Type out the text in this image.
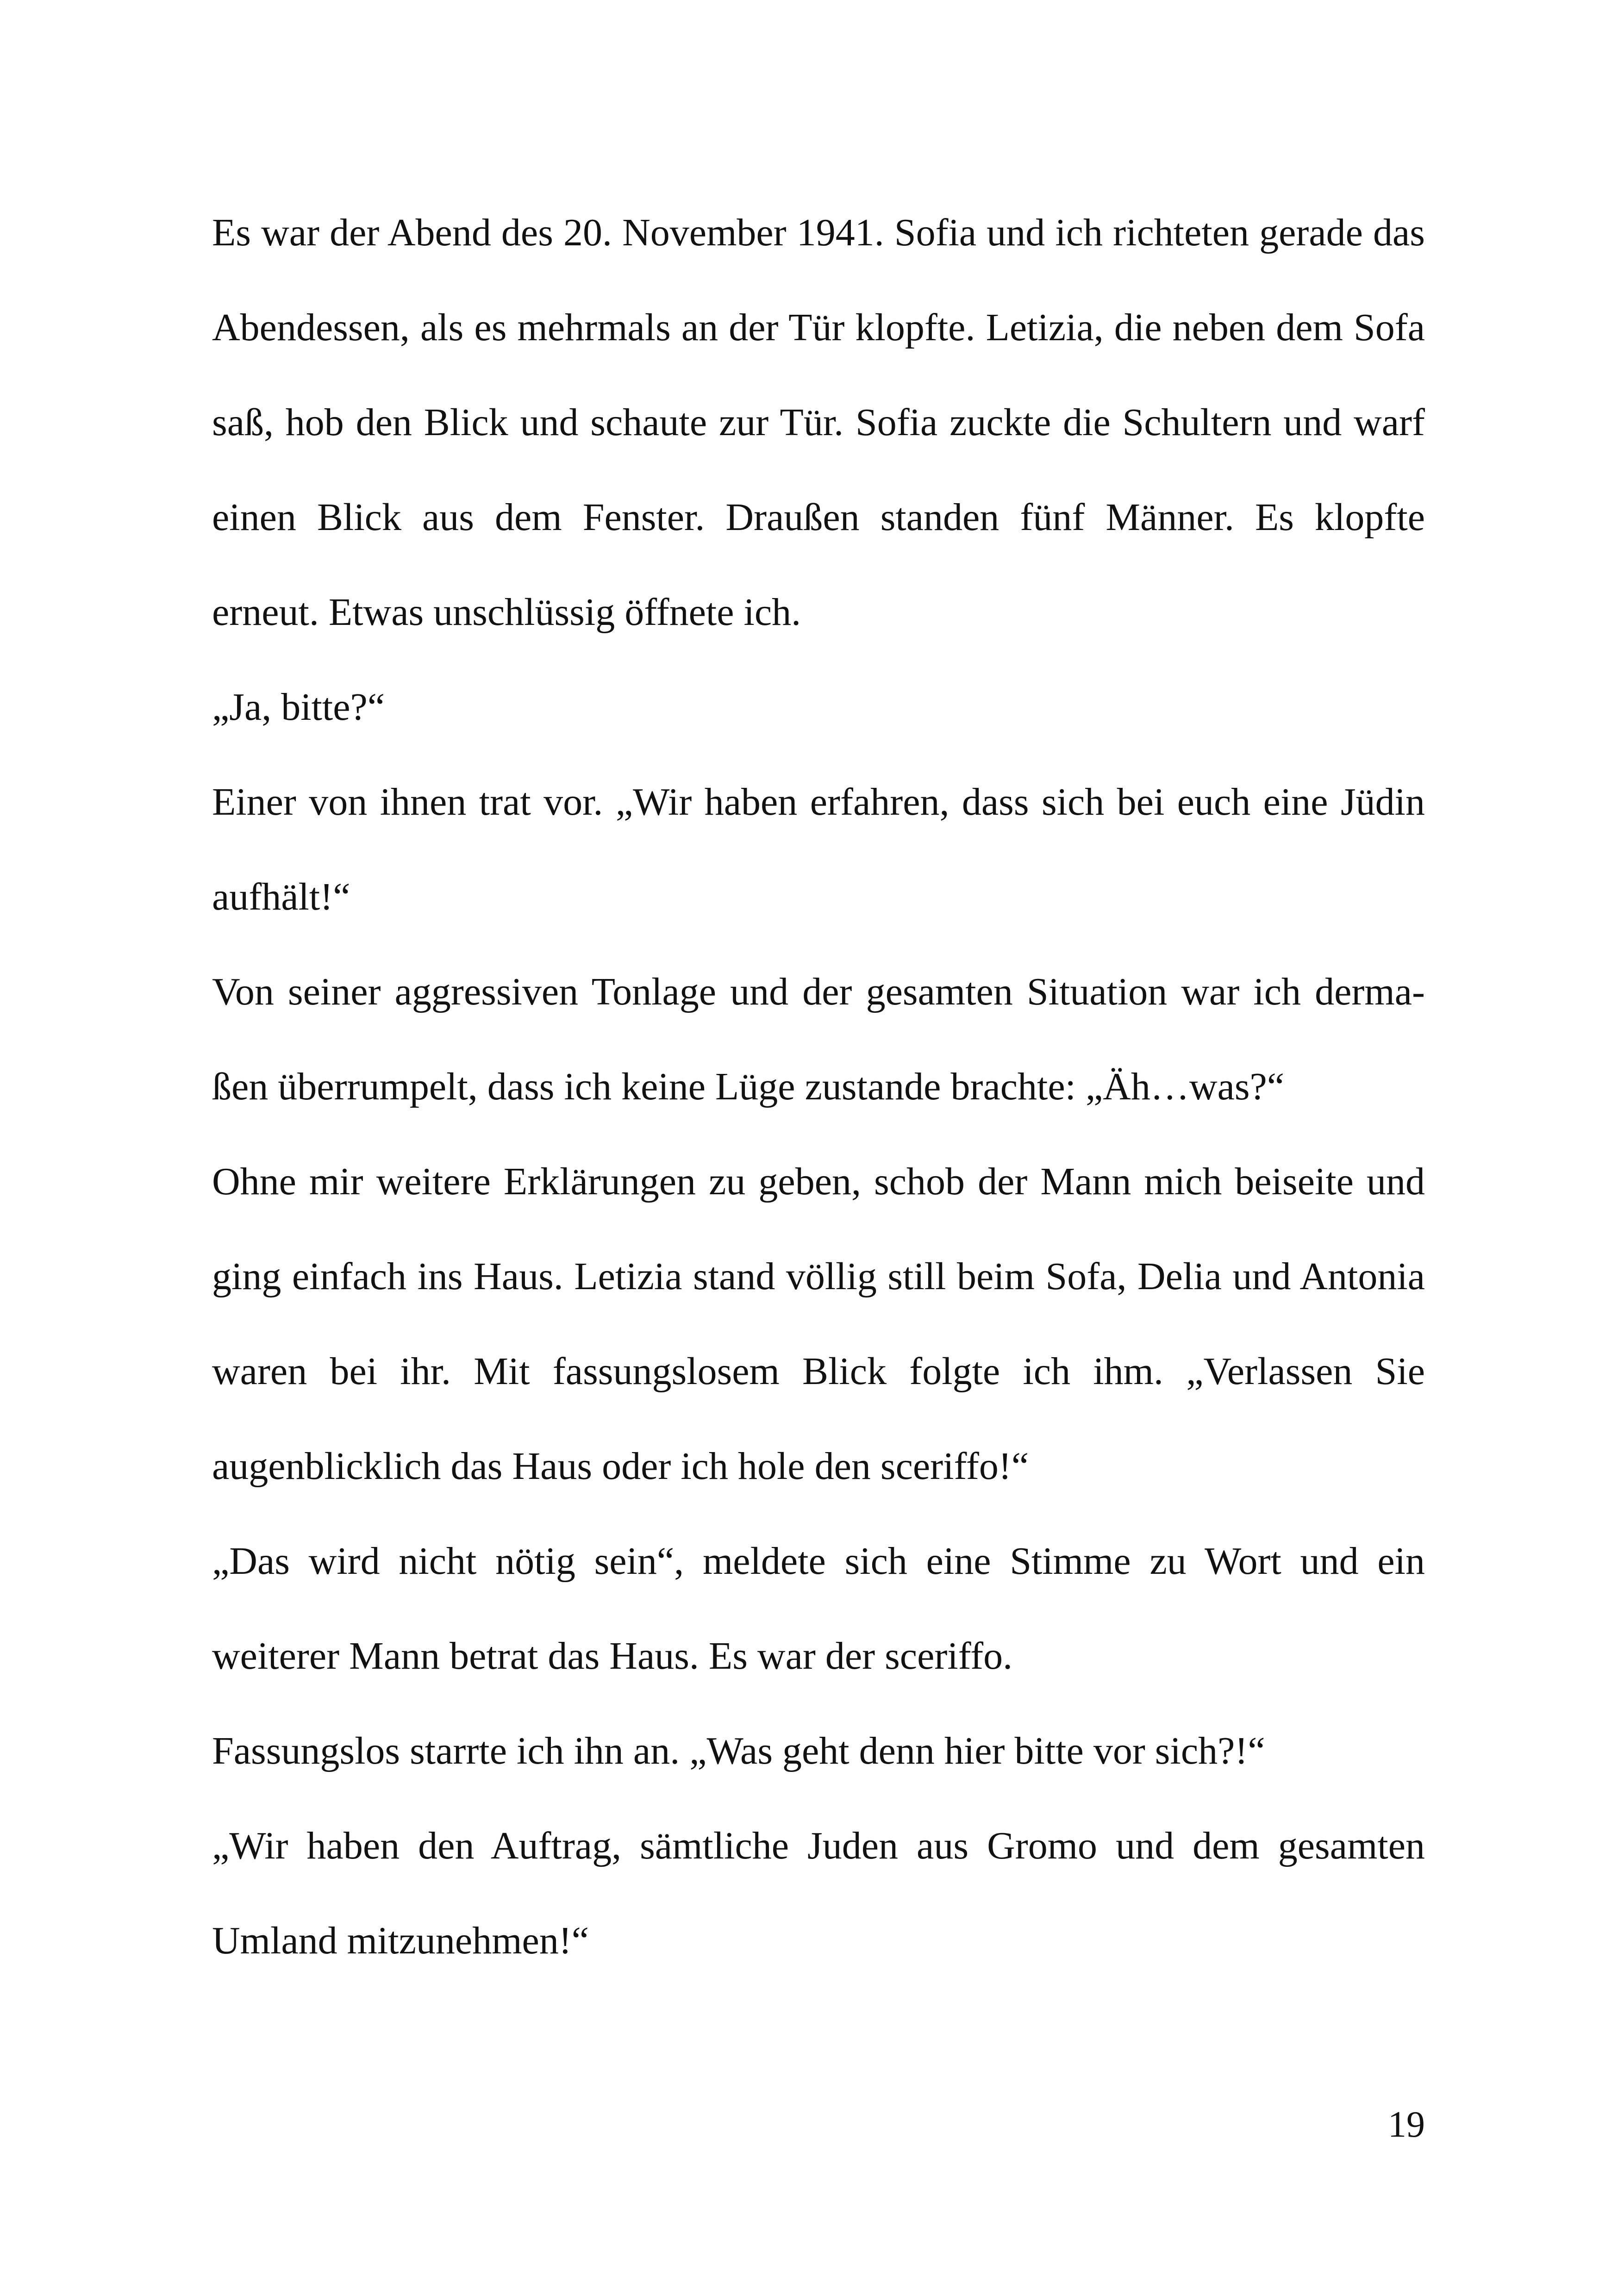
Es war der Abend des 20. November 1941. Sofia und ich richteten gerade das Abendessen, als es mehrmals an der Tür klopfte. Letizia, die neben dem Sofa saß, hob den Blick und schaute zur Tür. Sofia zuckte die Schultern und warf einen Blick aus dem Fenster. Draußen standen fünf Männer. Es klopfte erneut. Etwas unschlüssig öffnete ich.

„Ja, bitte?“

Einer von ihnen trat vor. „Wir haben erfahren, dass sich bei euch eine Jüdin aufhält!“

Von seiner aggressiven Tonlage und der gesamten Situation war ich dermaßen überrumpelt, dass ich keine Lüge zustande brachte: „Äh…was?“

Ohne mir weitere Erklärungen zu geben, schob der Mann mich beiseite und ging einfach ins Haus. Letizia stand völlig still beim Sofa, Delia und Antonia waren bei ihr. Mit fassungslosem Blick folgte ich ihm. „Verlassen Sie augenblicklich das Haus oder ich hole den sceriffo!“

„Das wird nicht nötig sein“, meldete sich eine Stimme zu Wort und ein weiterer Mann betrat das Haus. Es war der sceriffo.

Fassungslos starrte ich ihn an. „Was geht denn hier bitte vor sich?!“

„Wir haben den Auftrag, sämtliche Juden aus Gromo und dem gesamten Umland mitzunehmen!“

19
